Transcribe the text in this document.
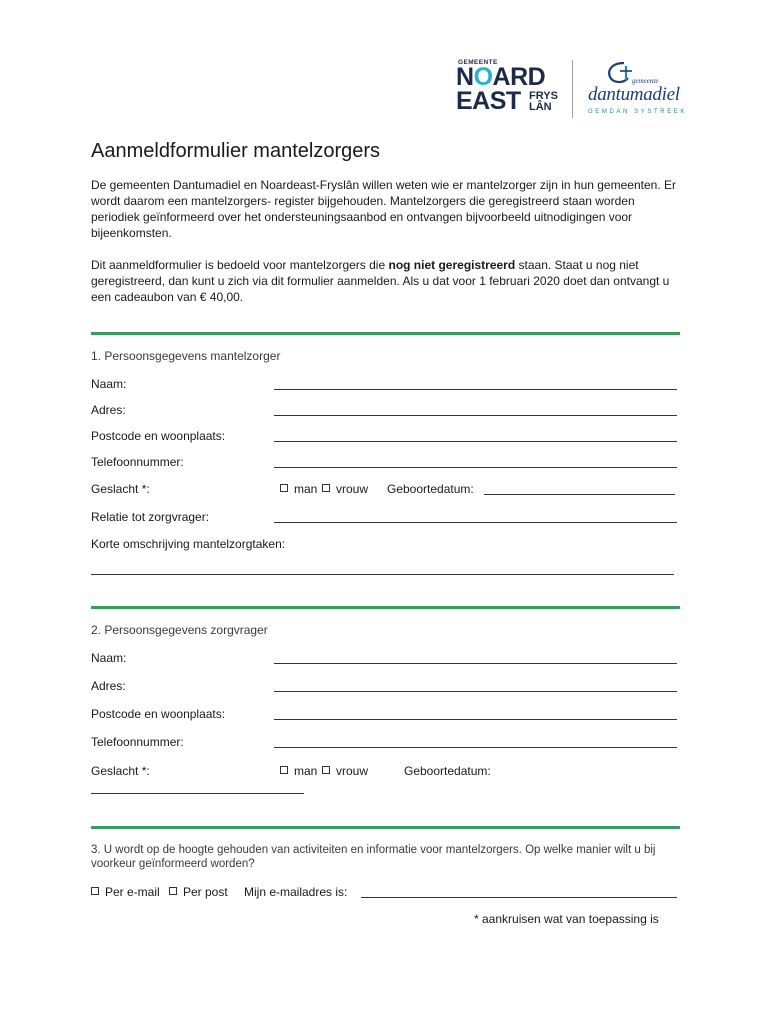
GEMEENTE
NOARD
EAST FRYS
LÂN
gemeente
dantumadiel
GEMDAN SYSTREEK
Aanmeldformulier mantelzorgers
De gemeenten Dantumadiel en Noardeast-Fryslân willen weten wie er mantelzorger zijn in hun gemeenten. Er wordt daarom een mantelzorgers- register bijgehouden. Mantelzorgers die geregistreerd staan worden periodiek geïnformeerd over het ondersteuningsaanbod en ontvangen bijvoorbeeld uitnodigingen voor bijeenkomsten.
Dit aanmeldformulier is bedoeld voor mantelzorgers die nog niet geregistreerd staan. Staat u nog niet geregistreerd, dan kunt u zich via dit formulier aanmelden. Als u dat voor 1 februari 2020 doet dan ontvangt u een cadeaubon van € 40,00.
1. Persoonsgegevens mantelzorger
Naam:
Adres:
Postcode en woonplaats:
Telefoonnummer:
Geslacht *:	man	vrouw Geboortedatum:
Relatie tot zorgvrager:
Korte omschrijving mantelzorgtaken:
2. Persoonsgegevens zorgvrager
Naam:
Adres:
Postcode en woonplaats:
Telefoonnummer:
Geslacht *:	man	vrouw	Geboortedatum:
3. U wordt op de hoogte gehouden van activiteiten en informatie voor mantelzorgers. Op welke manier wilt u bij voorkeur geïnformeerd worden?
Per e-mail	Per post Mijn e-mailadres is:
* aankruisen wat van toepassing is
